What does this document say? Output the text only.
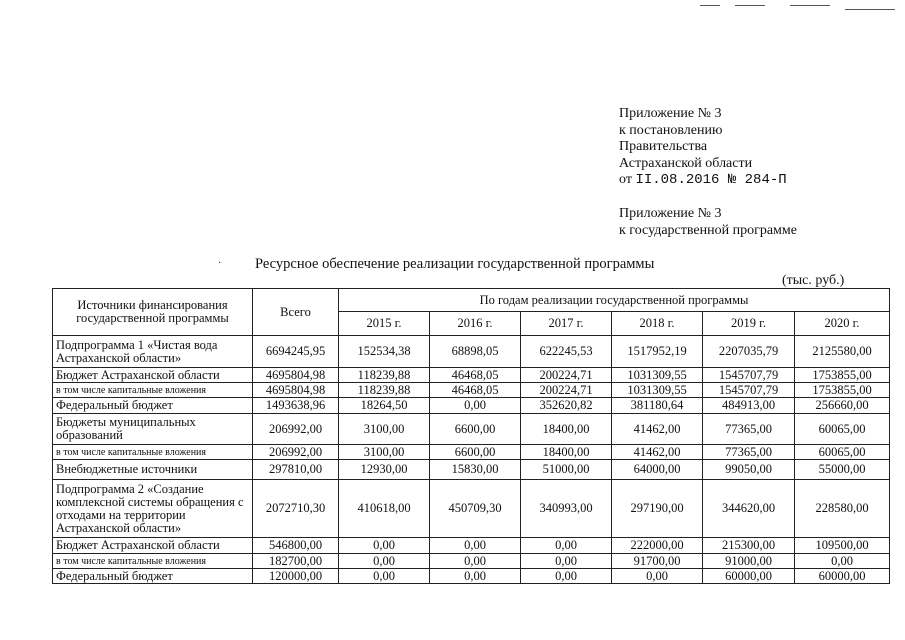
Приложение № 3
к постановлению
Правительства
Астраханской области
от II.08.2016 № 284-П
Приложение № 3
к государственной программе
· Ресурсное обеспечение реализации государственной программы
(тыс. руб.)
Источники финансирования государственной программы	Всего	По годам реализации государственной программы					
		2015 г.	2016 г.	2017 г.	2018 г.	2019 г.	2020 г.
Подпрограмма 1 «Чистая вода Астраханской области»	6694245,95	152534,38	68898,05	622245,53	1517952,19	2207035,79	2125580,00
Бюджет Астраханской области	4695804,98	118239,88	46468,05	200224,71	1031309,55	1545707,79	1753855,00
в том числе капитальные вложения	4695804,98	118239,88	46468,05	200224,71	1031309,55	1545707,79	1753855,00
Федеральный бюджет	1493638,96	18264,50	0,00	352620,82	381180,64	484913,00	256660,00
Бюджеты муниципальных образований	206992,00	3100,00	6600,00	18400,00	41462,00	77365,00	60065,00
в том числе капитальные вложения	206992,00	3100,00	6600,00	18400,00	41462,00	77365,00	60065,00
Внебюджетные источники	297810,00	12930,00	15830,00	51000,00	64000,00	99050,00	55000,00
Подпрограмма 2 «Создание комплексной системы обращения с отходами на территории Астраханской области»	2072710,30	410618,00	450709,30	340993,00	297190,00	344620,00	228580,00
Бюджет Астраханской области	546800,00	0,00	0,00	0,00	222000,00	215300,00	109500,00
в том числе капитальные вложения	182700,00	0,00	0,00	0,00	91700,00	91000,00	0,00
Федеральный бюджет	120000,00	0,00	0,00	0,00	0,00	60000,00	60000,00
